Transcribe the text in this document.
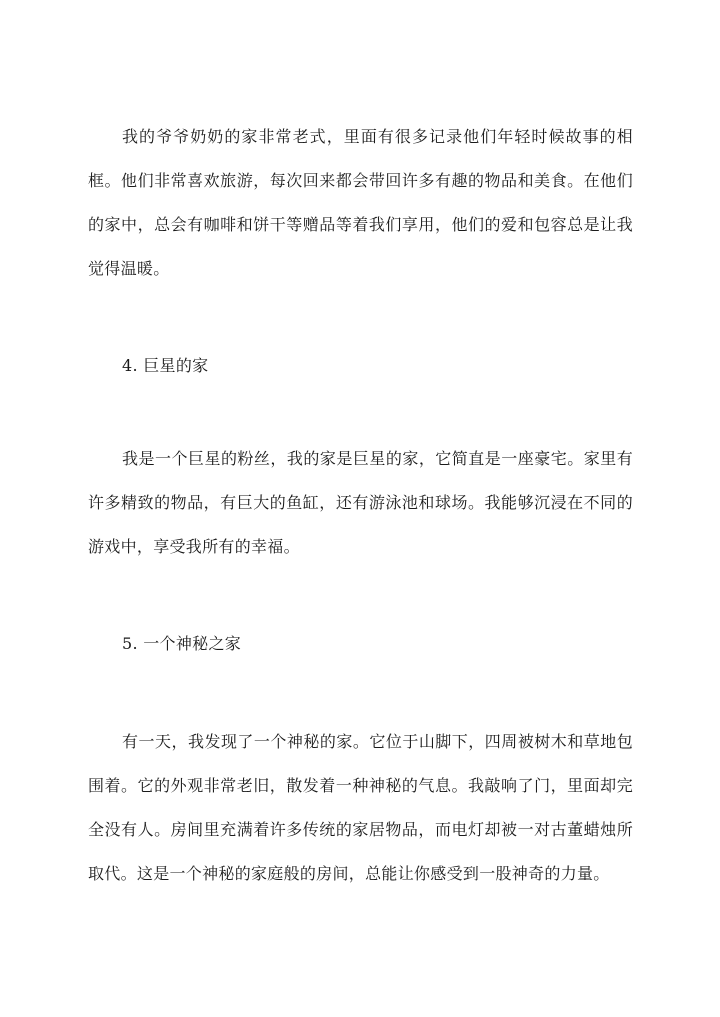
我的爷爷奶奶的家非常老式，里面有很多记录他们年轻时候故事的相框。他们非常喜欢旅游，每次回来都会带回许多有趣的物品和美食。在他们的家中，总会有咖啡和饼干等赠品等着我们享用，他们的爱和包容总是让我觉得温暖。

4. 巨星的家

我是一个巨星的粉丝，我的家是巨星的家，它简直是一座豪宅。家里有许多精致的物品，有巨大的鱼缸，还有游泳池和球场。我能够沉浸在不同的游戏中，享受我所有的幸福。

5. 一个神秘之家

有一天，我发现了一个神秘的家。它位于山脚下，四周被树木和草地包围着。它的外观非常老旧，散发着一种神秘的气息。我敲响了门，里面却完全没有人。房间里充满着许多传统的家居物品，而电灯却被一对古董蜡烛所取代。这是一个神秘的家庭般的房间，总能让你感受到一股神奇的力量。
